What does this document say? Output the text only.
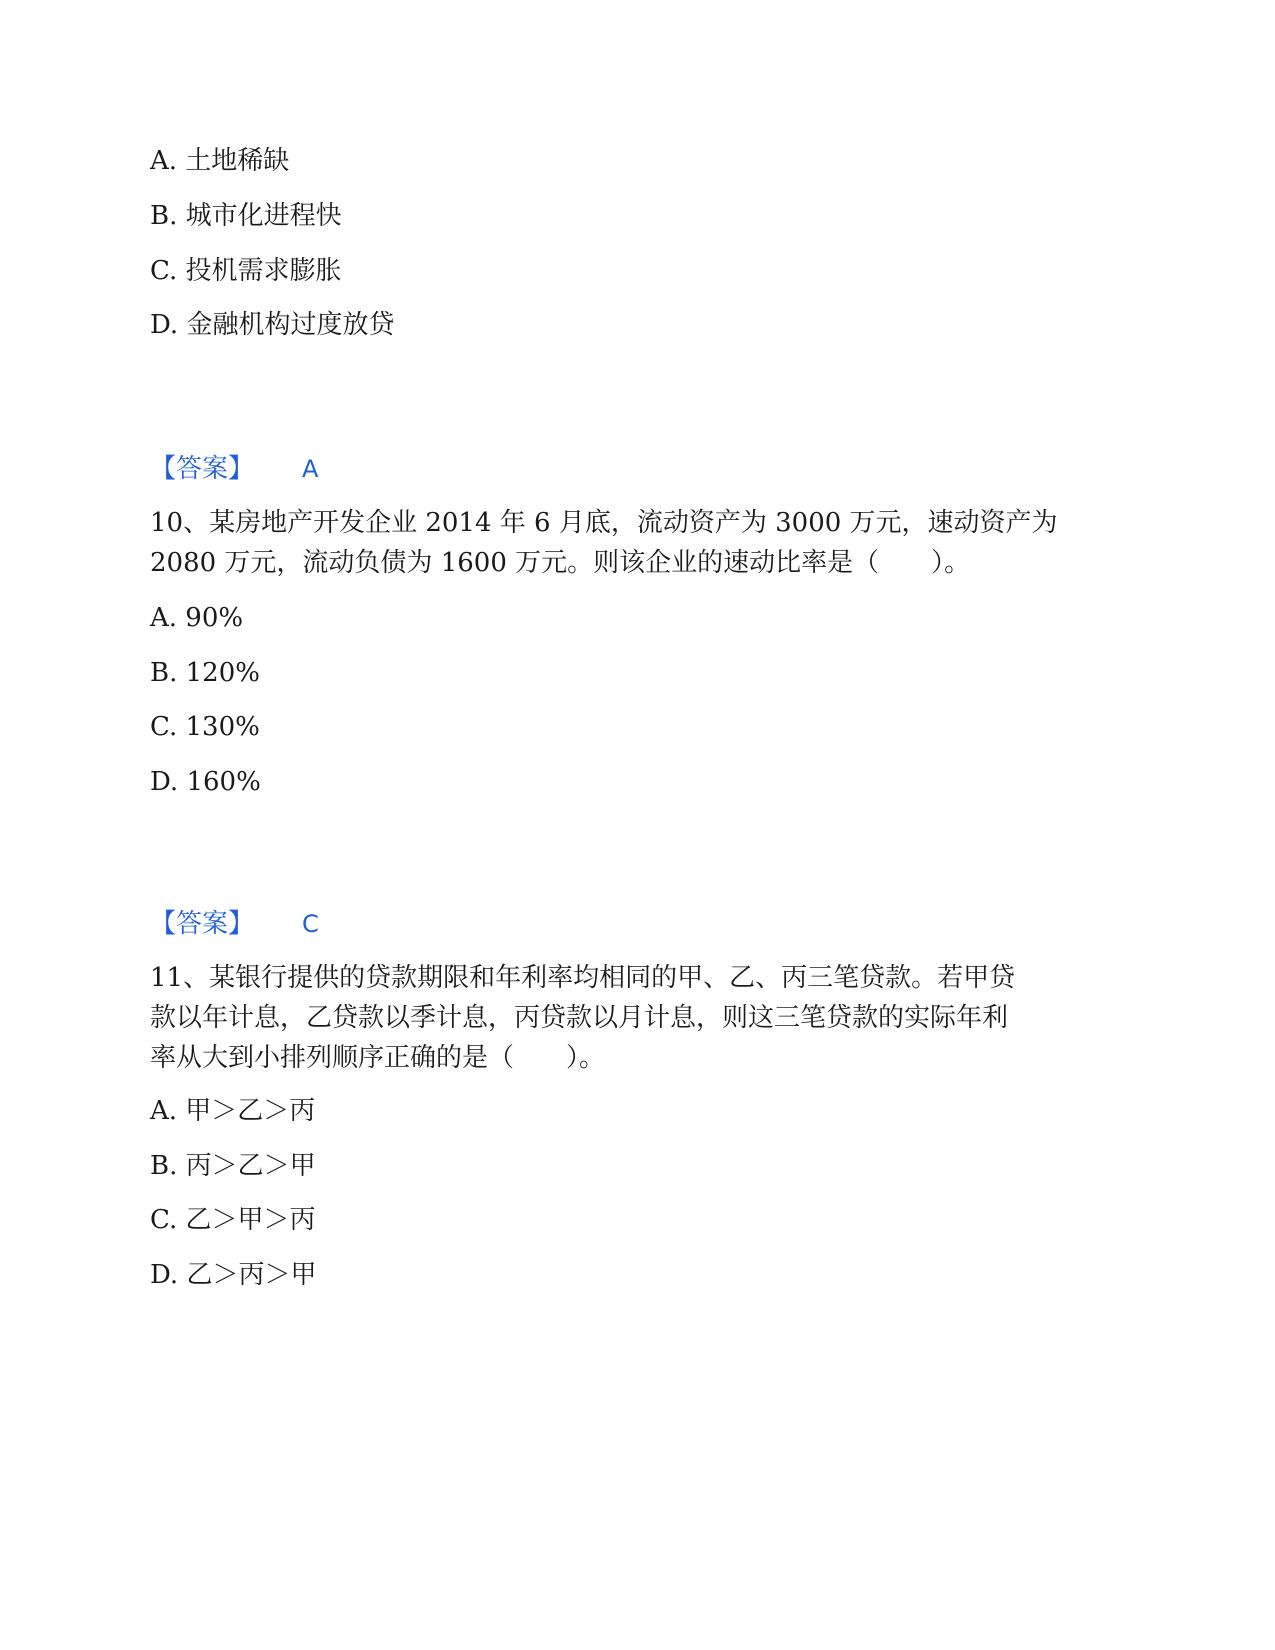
A. 土地稀缺
B. 城市化进程快
C. 投机需求膨胀
D. 金融机构过度放贷
【答案】 A
10、某房地产开发企业 2014 年 6 月底，流动资产为 3000 万元，速动资产为
2080 万元，流动负债为 1600 万元。则该企业的速动比率是（　　）。
A. 90%
B. 120%
C. 130%
D. 160%
【答案】 C
11、某银行提供的贷款期限和年利率均相同的甲、乙、丙三笔贷款。若甲贷
款以年计息，乙贷款以季计息，丙贷款以月计息，则这三笔贷款的实际年利
率从大到小排列顺序正确的是（　　）。
A. 甲＞乙＞丙
B. 丙＞乙＞甲
C. 乙＞甲＞丙
D. 乙＞丙＞甲
